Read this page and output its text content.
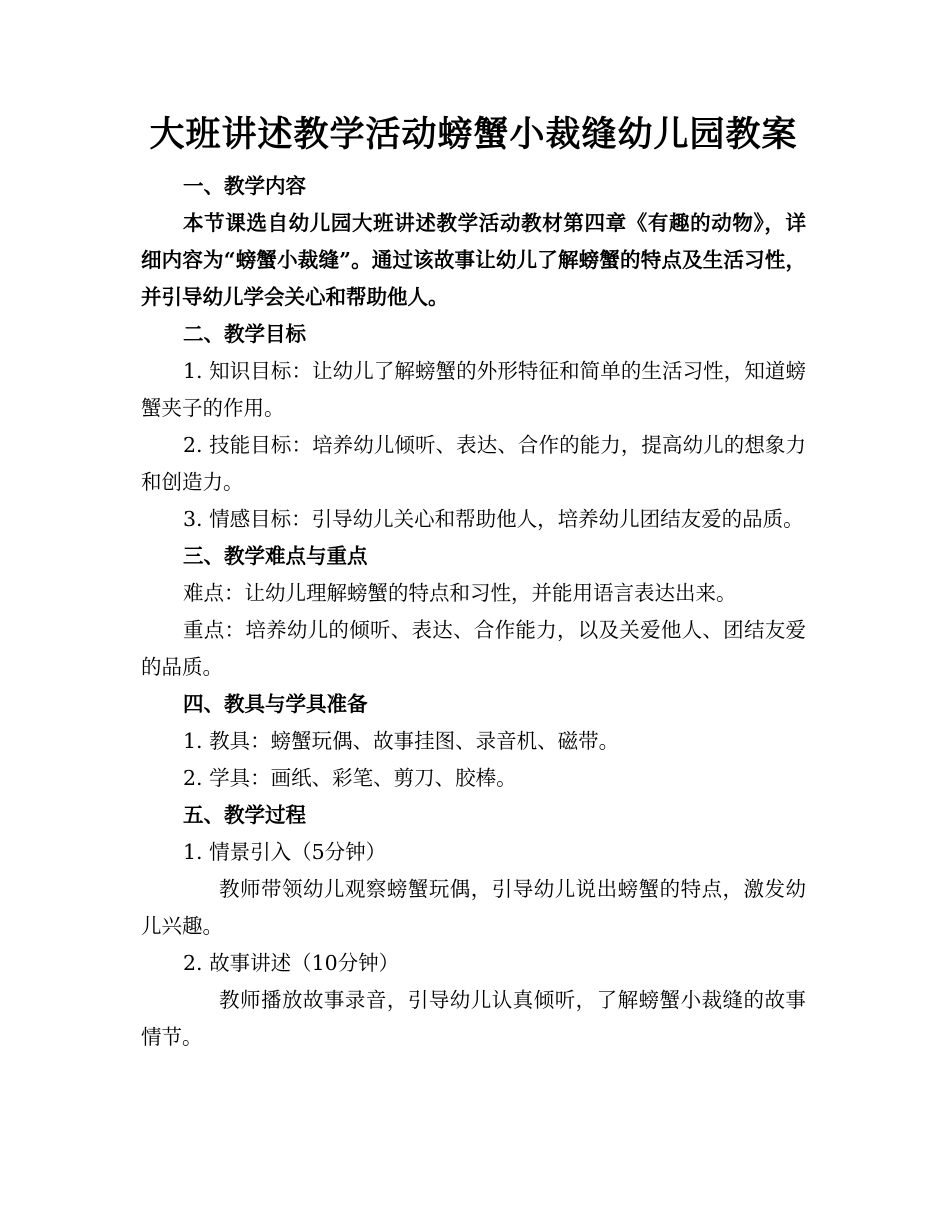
大班讲述教学活动螃蟹小裁缝幼儿园教案

一、教学内容

本节课选自幼儿园大班讲述教学活动教材第四章《有趣的动物》，详细内容为“螃蟹小裁缝”。通过该故事让幼儿了解螃蟹的特点及生活习性，并引导幼儿学会关心和帮助他人。

二、教学目标

1. 知识目标：让幼儿了解螃蟹的外形特征和简单的生活习性，知道螃蟹夹子的作用。

2. 技能目标：培养幼儿倾听、表达、合作的能力，提高幼儿的想象力和创造力。

3. 情感目标：引导幼儿关心和帮助他人，培养幼儿团结友爱的品质。

三、教学难点与重点

难点：让幼儿理解螃蟹的特点和习性，并能用语言表达出来。

重点：培养幼儿的倾听、表达、合作能力，以及关爱他人、团结友爱的品质。

四、教具与学具准备

1. 教具：螃蟹玩偶、故事挂图、录音机、磁带。

2. 学具：画纸、彩笔、剪刀、胶棒。

五、教学过程

1. 情景引入（5分钟）

教师带领幼儿观察螃蟹玩偶，引导幼儿说出螃蟹的特点，激发幼儿兴趣。

2. 故事讲述（10分钟）

教师播放故事录音，引导幼儿认真倾听，了解螃蟹小裁缝的故事情节。
